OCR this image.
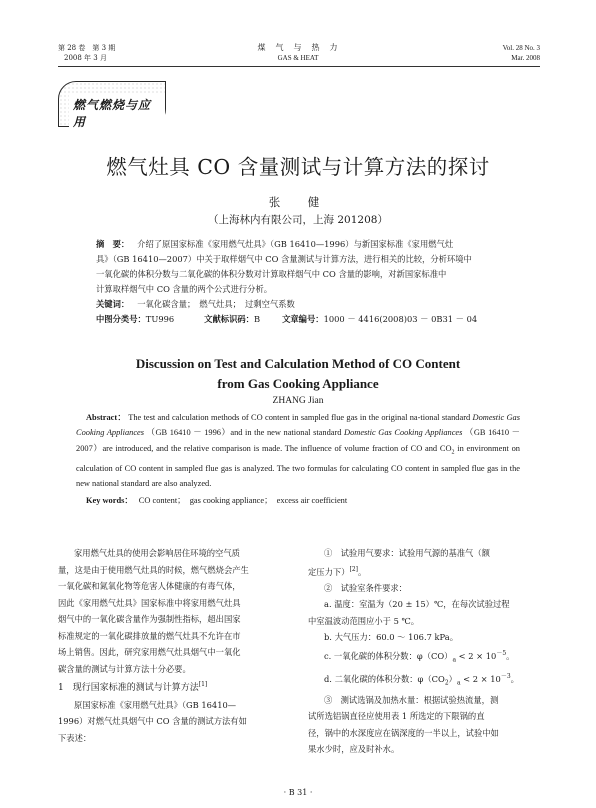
第 28 卷　第 3 期
2008 年 3 月
煤　气　与　热　力
GAS & HEAT
Vol. 28 No. 3
Mar. 2008
燃气燃烧与应用
燃气灶具 CO 含量测试与计算方法的探讨
张　健
（上海林内有限公司，上海 201208）
摘　要： 介绍了原国家标准《家用燃气灶具》（GB 16410—1996）与新国家标准《家用燃气灶
具》（GB 16410—2007）中关于取样烟气中 CO 含量测试与计算方法，进行相关的比较，分析环境中
一氧化碳的体积分数与二氧化碳的体积分数对计算取样烟气中 CO 含量的影响，对新国家标准中
计算取样烟气中 CO 含量的两个公式进行分析。
关键词： 一氧化碳含量；　燃气灶具；　过剩空气系数
中图分类号：TU996	文献标识码：B	文章编号：1000 － 4416(2008)03 － 0B31 － 04
Discussion on Test and Calculation Method of CO Content
from Gas Cooking Appliance
ZHANG Jian
Abstract： The test and calculation methods of CO content in sampled flue gas in the original na-tional standard Domestic Gas Cooking Appliances （GB 16410 － 1996）and in the new national standard Domestic Gas Cooking Appliances （GB 16410 － 2007）are introduced, and the relative comparison is made. The influence of volume fraction of CO and $CO_2$ in environment on calculation of CO content in sampled flue gas is analyzed. The two formulas for calculating CO content in sampled flue gas in the new national standard are also analyzed.
Key words： CO content；　gas cooking appliance；　excess air coefficient
家用燃气灶具的使用会影响居住环境的空气质
量，这是由于使用燃气灶具的时候，燃气燃烧会产生
一氧化碳和氮氧化物等危害人体健康的有毒气体，
因此《家用燃气灶具》国家标准中将家用燃气灶具
烟气中的一氧化碳含量作为强制性指标，超出国家
标准规定的一氧化碳排放量的燃气灶具不允许在市
场上销售。因此，研究家用燃气灶具烟气中一氧化
碳含量的测试与计算方法十分必要。
1　现行国家标准的测试与计算方法[1]
原国家标准《家用燃气灶具》（GB 16410—
1996）对燃气灶具烟气中 CO 含量的测试方法有如
下表述：
①　试验用气要求：试验用气源的基准气（额
定压力下）[2]。
②　试验室条件要求：
a. 温度：室温为（20 ± 15）℃，在每次试验过程
中室温波动范围应小于 5 ℃。
b. 大气压力：60.0 ～ 106.7 kPa。
c. 一氧化碳的体积分数：$\varphi(CO)_a < 2 \times 10^{-5}$。
d. 二氧化碳的体积分数：$\varphi(CO_2)_a < 2 \times 10^{-3}$。
③　测试选锅及加热水量：根据试验热流量，测
试所选铝锅直径应使用表 1 所选定的下限锅的直
径，锅中的水深度应在锅深度的一半以上，试验中如
果水少时，应及时补水。
· B 31 ·
